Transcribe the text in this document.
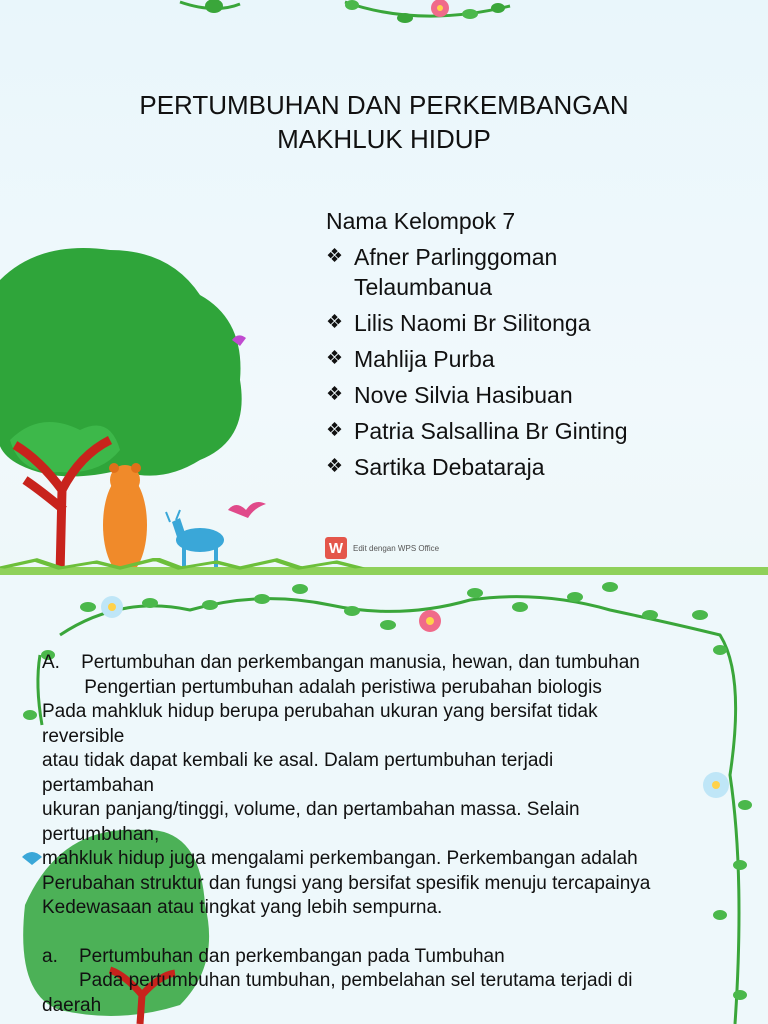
PERTUMBUHAN DAN PERKEMBANGAN
MAKHLUK HIDUP
Nama Kelompok 7
❖ Afner Parlinggoman Telaumbanua
❖ Lilis Naomi Br Silitonga
❖ Mahlija Purba
❖ Nove Silvia Hasibuan
❖ Patria Salsallina Br Ginting
❖ Sartika Debataraja
W	Edit dengan WPS Office

A.    Pertumbuhan dan perkembangan manusia, hewan, dan tumbuhan

Pengertian pertumbuhan adalah peristiwa perubahan biologis

Pada mahkluk hidup berupa perubahan ukuran yang bersifat tidak

reversible

atau tidak dapat kembali ke asal. Dalam pertumbuhan terjadi

pertambahan

ukuran panjang/tinggi, volume, dan pertambahan massa. Selain

pertumbuhan,

mahkluk hidup juga mengalami perkembangan. Perkembangan adalah

Perubahan struktur dan fungsi yang bersifat spesifik menuju tercapainya

Kedewasaan atau tingkat yang lebih sempurna.

a.    Pertumbuhan dan perkembangan pada Tumbuhan

Pada pertumbuhan tumbuhan, pembelahan sel terutama terjadi di

daerah
